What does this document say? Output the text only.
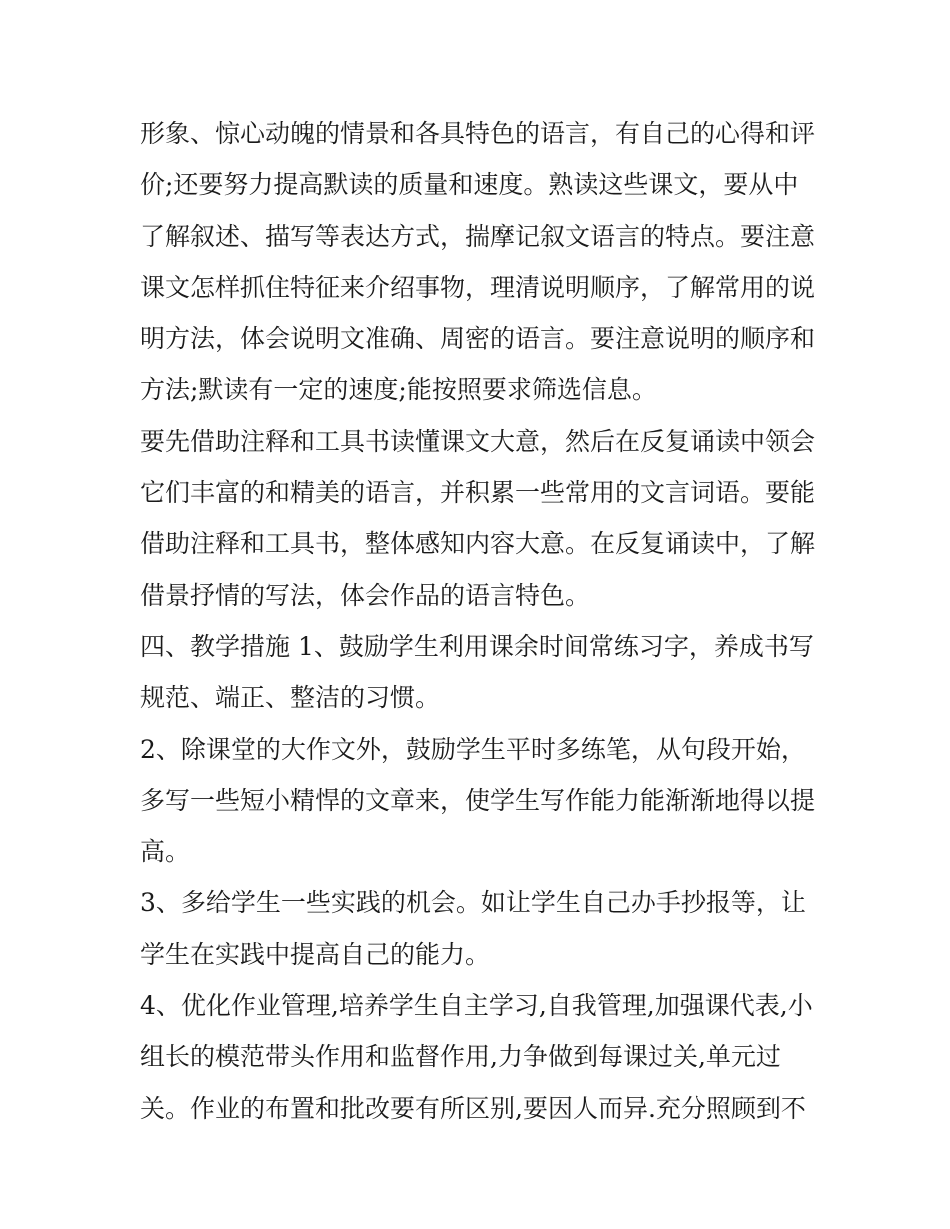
形象、惊心动魄的情景和各具特色的语言，有自己的心得和评
价;还要努力提高默读的质量和速度。熟读这些课文，要从中
了解叙述、描写等表达方式，揣摩记叙文语言的特点。要注意
课文怎样抓住特征来介绍事物，理清说明顺序，了解常用的说
明方法，体会说明文准确、周密的语言。要注意说明的顺序和
方法;默读有一定的速度;能按照要求筛选信息。
要先借助注释和工具书读懂课文大意，然后在反复诵读中领会
它们丰富的和精美的语言，并积累一些常用的文言词语。要能
借助注释和工具书，整体感知内容大意。在反复诵读中，了解
借景抒情的写法，体会作品的语言特色。
四、教学措施 1、鼓励学生利用课余时间常练习字，养成书写
规范、端正、整洁的习惯。
2、除课堂的大作文外，鼓励学生平时多练笔，从句段开始，
多写一些短小精悍的文章来，使学生写作能力能渐渐地得以提
高。
3、多给学生一些实践的机会。如让学生自己办手抄报等，让
学生在实践中提高自己的能力。
4、优化作业管理,培养学生自主学习,自我管理,加强课代表,小
组长的模范带头作用和监督作用,力争做到每课过关,单元过
关。作业的布置和批改要有所区别,要因人而异.充分照顾到不
